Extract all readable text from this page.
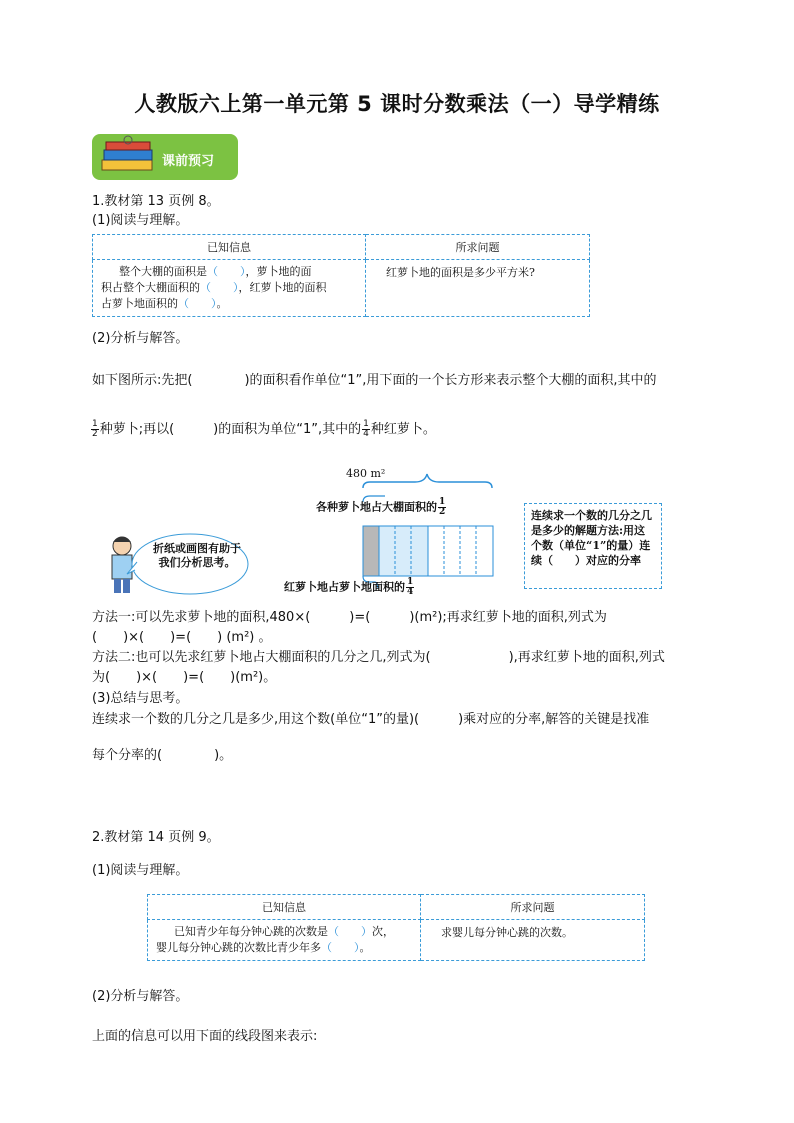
人教版六上第一单元第 5 课时分数乘法（一）导学精练
课前预习
1.教材第 13 页例 8。
(1)阅读与理解。
已知信息	所求问题
整个大棚的面积是（　　），萝卜地的面
积占整个大棚面积的（　　），红萝卜地的面积
占萝卜地面积的（　　）。	红萝卜地的面积是多少平方米?
(2)分析与解答。
如下图所示:先把(　　　　)的面积看作单位“1”,用下面的一个长方形来表示整个大棚的面积,其中的
$\frac{1}{2}$ 种萝卜;再以(　　　)的面积为单位“1”,其中的 $\frac{1}{4}$ 种红萝卜。
480 m²
各种萝卜地占大棚面积的 $\frac{1}{2}$
红萝卜地占萝卜地面积的 $\frac{1}{4}$
折纸或画图有助于我们分析思考。
连续求一个数的几分之几是多少的解题方法:用这个数（单位“1”的量）连续（　　）对应的分率
方法一:可以先求萝卜地的面积,480×(　　　)=(　　　)(m²);再求红萝卜地的面积,列式为
(　　)×(　　)=(　　) (m²) 。
方法二:也可以先求红萝卜地占大棚面积的几分之几,列式为(　　　　　　),再求红萝卜地的面积,列式
为(　　)×(　　)=(　　)(m²)。
(3)总结与思考。
连续求一个数的几分之几是多少,用这个数(单位“1”的量)(　　　)乘对应的分率,解答的关键是找准
每个分率的(　　　　)。
2.教材第 14 页例 9。
(1)阅读与理解。
已知信息	所求问题
已知青少年每分钟心跳的次数是（　　）次，
婴儿每分钟心跳的次数比青少年多（　　）。	求婴儿每分钟心跳的次数。
(2)分析与解答。
上面的信息可以用下面的线段图来表示:
